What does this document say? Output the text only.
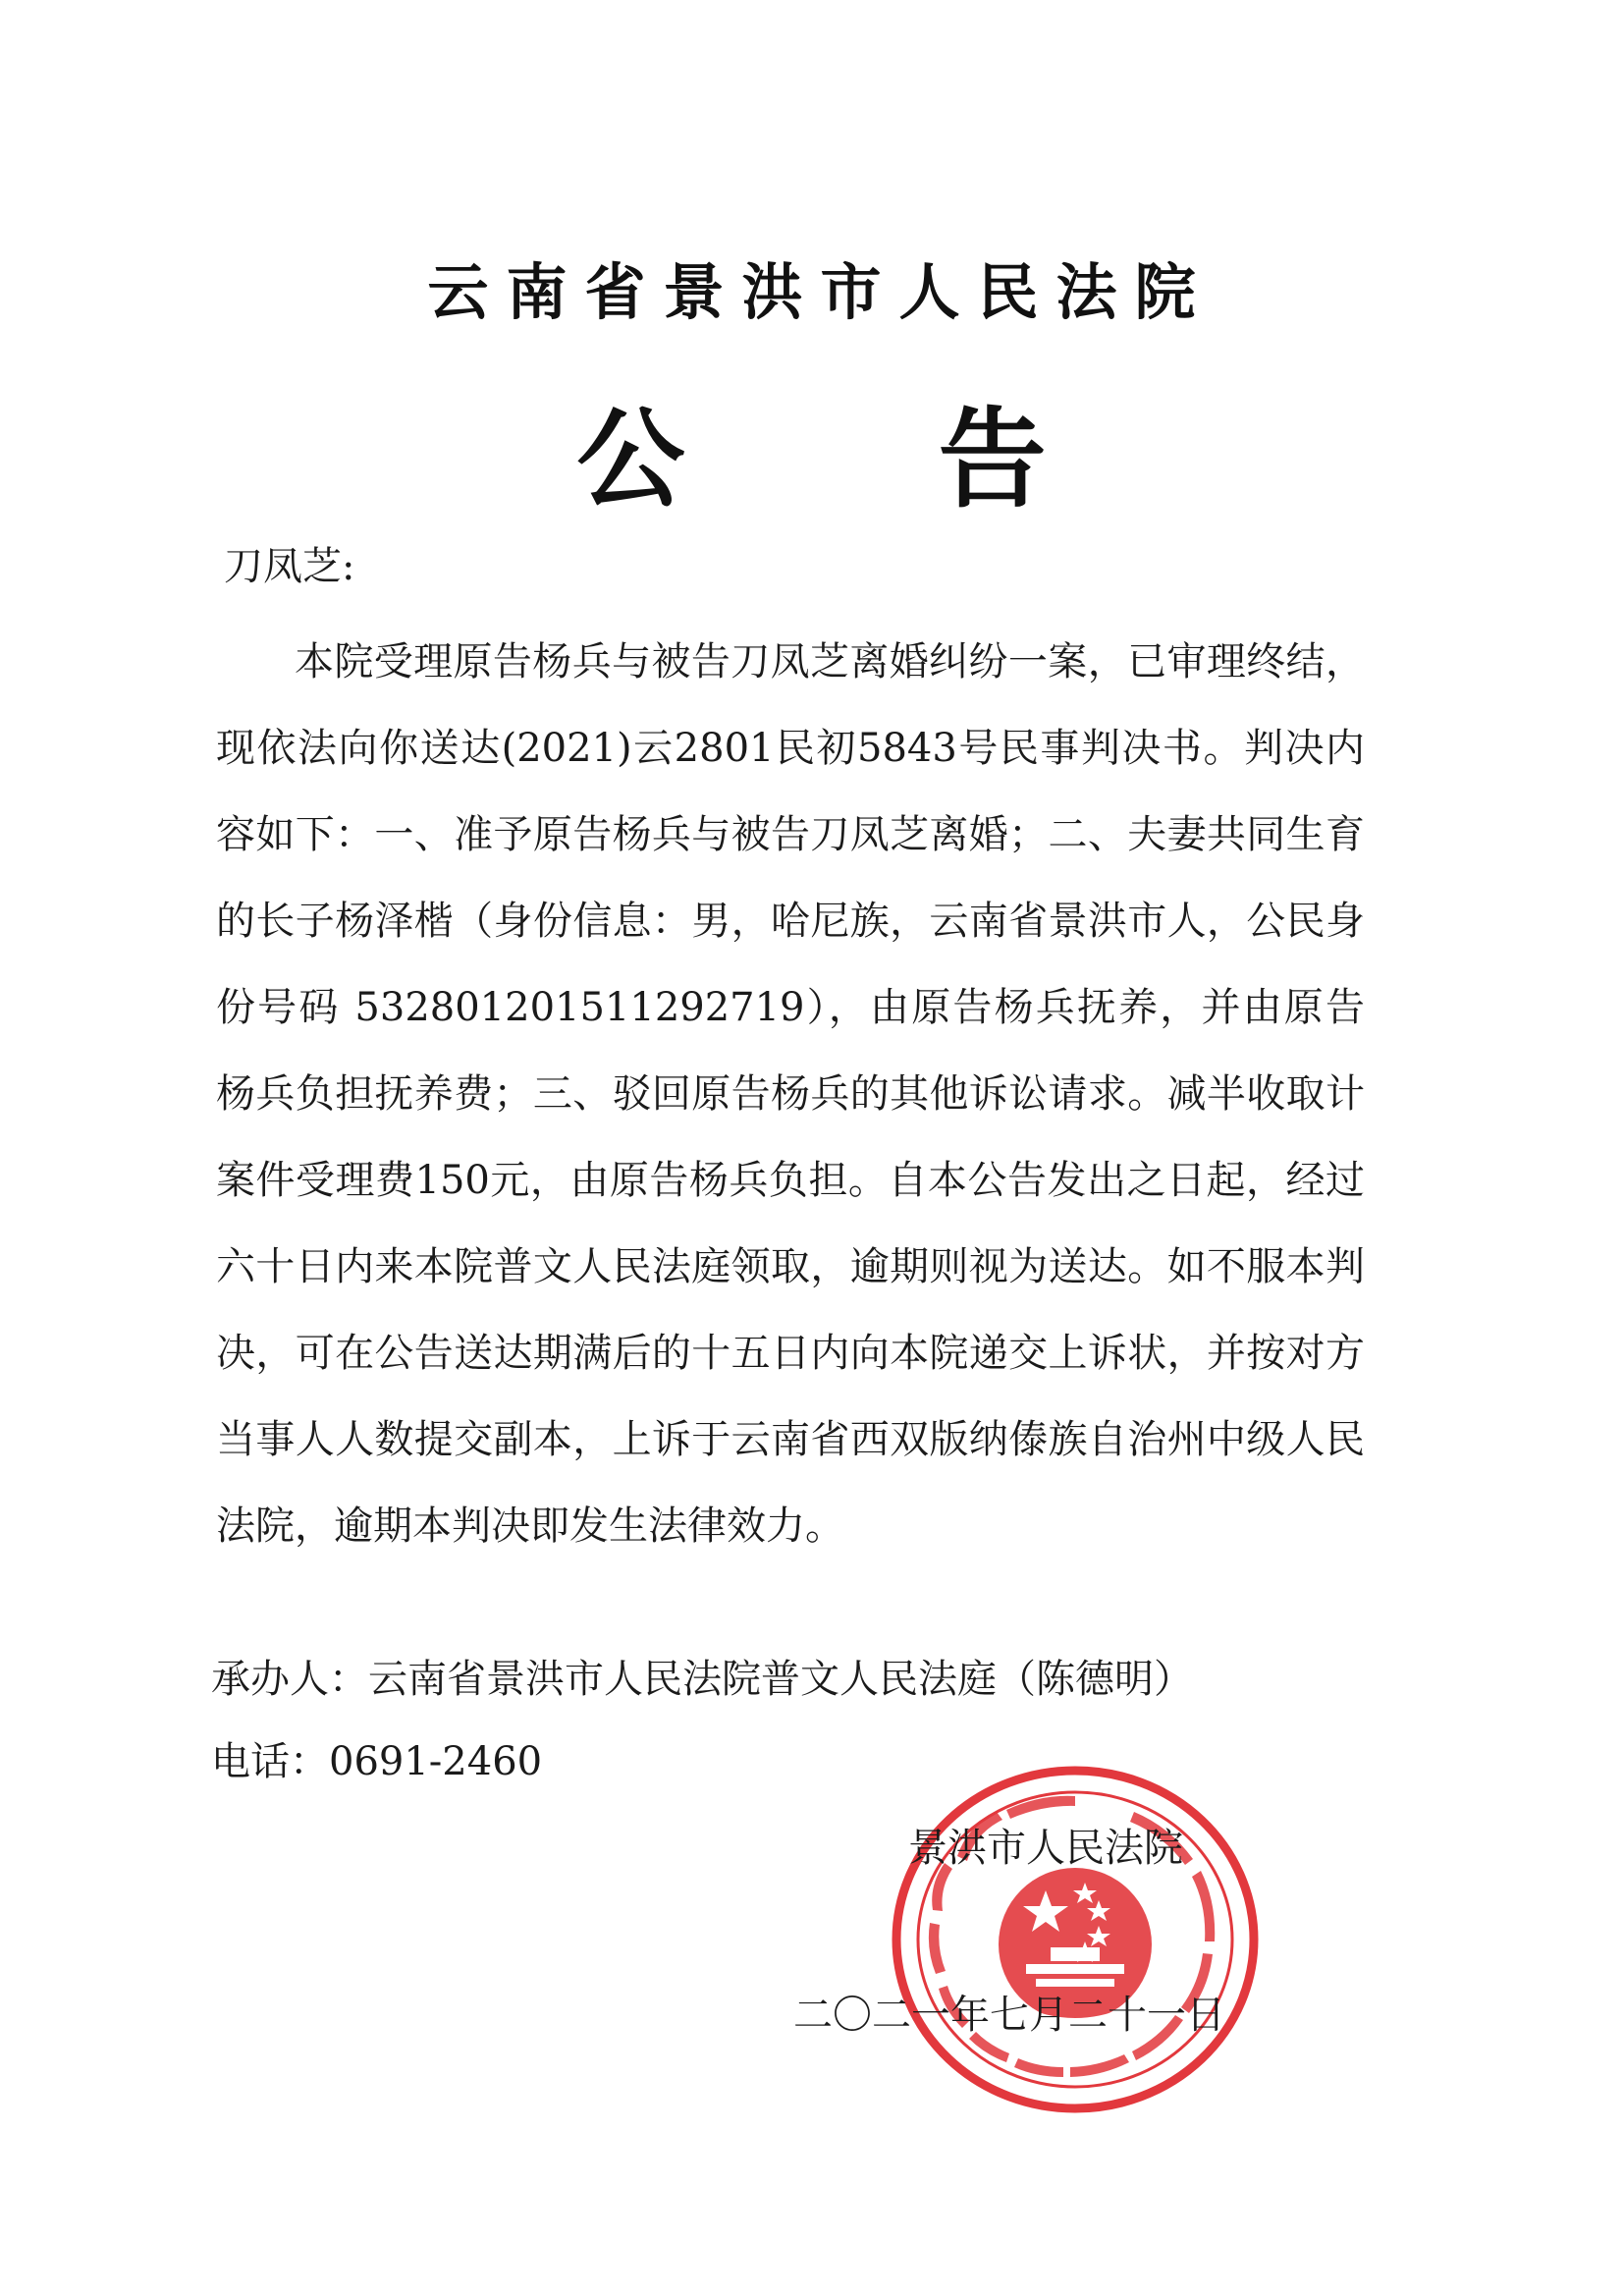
云南省景洪市人民法院
公 告
刀凤芝:

本院受理原告杨兵与被告刀凤芝离婚纠纷一案，已审理终结，现依法向你送达(2021)云2801民初5843号民事判决书。判决内容如下：一、准予原告杨兵与被告刀凤芝离婚；二、夫妻共同生育的长子杨泽楷（身份信息：男，哈尼族，云南省景洪市人，公民身份号码 532801201511292719），由原告杨兵抚养，并由原告杨兵负担抚养费；三、驳回原告杨兵的其他诉讼请求。减半收取计案件受理费150元，由原告杨兵负担。自本公告发出之日起，经过六十日内来本院普文人民法庭领取，逾期则视为送达。如不服本判决，可在公告送达期满后的十五日内向本院递交上诉状，并按对方当事人人数提交副本，上诉于云南省西双版纳傣族自治州中级人民法院，逾期本判决即发生法律效力。

承办人：云南省景洪市人民法院普文人民法庭（陈德明）
电话：0691-2460
景洪市人民法院
二〇二一年七月二十一日
